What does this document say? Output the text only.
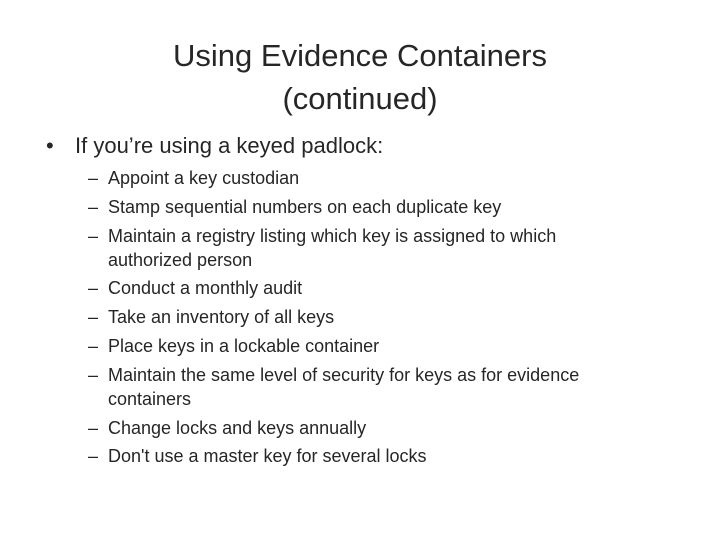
Using Evidence Containers
(continued)
• If you’re using a keyed padlock:
– Appoint a key custodian
– Stamp sequential numbers on each duplicate key
– Maintain a registry listing which key is assigned to which
authorized person
– Conduct a monthly audit
– Take an inventory of all keys
– Place keys in a lockable container
– Maintain the same level of security for keys as for evidence
containers
– Change locks and keys annually
– Don't use a master key for several locks
